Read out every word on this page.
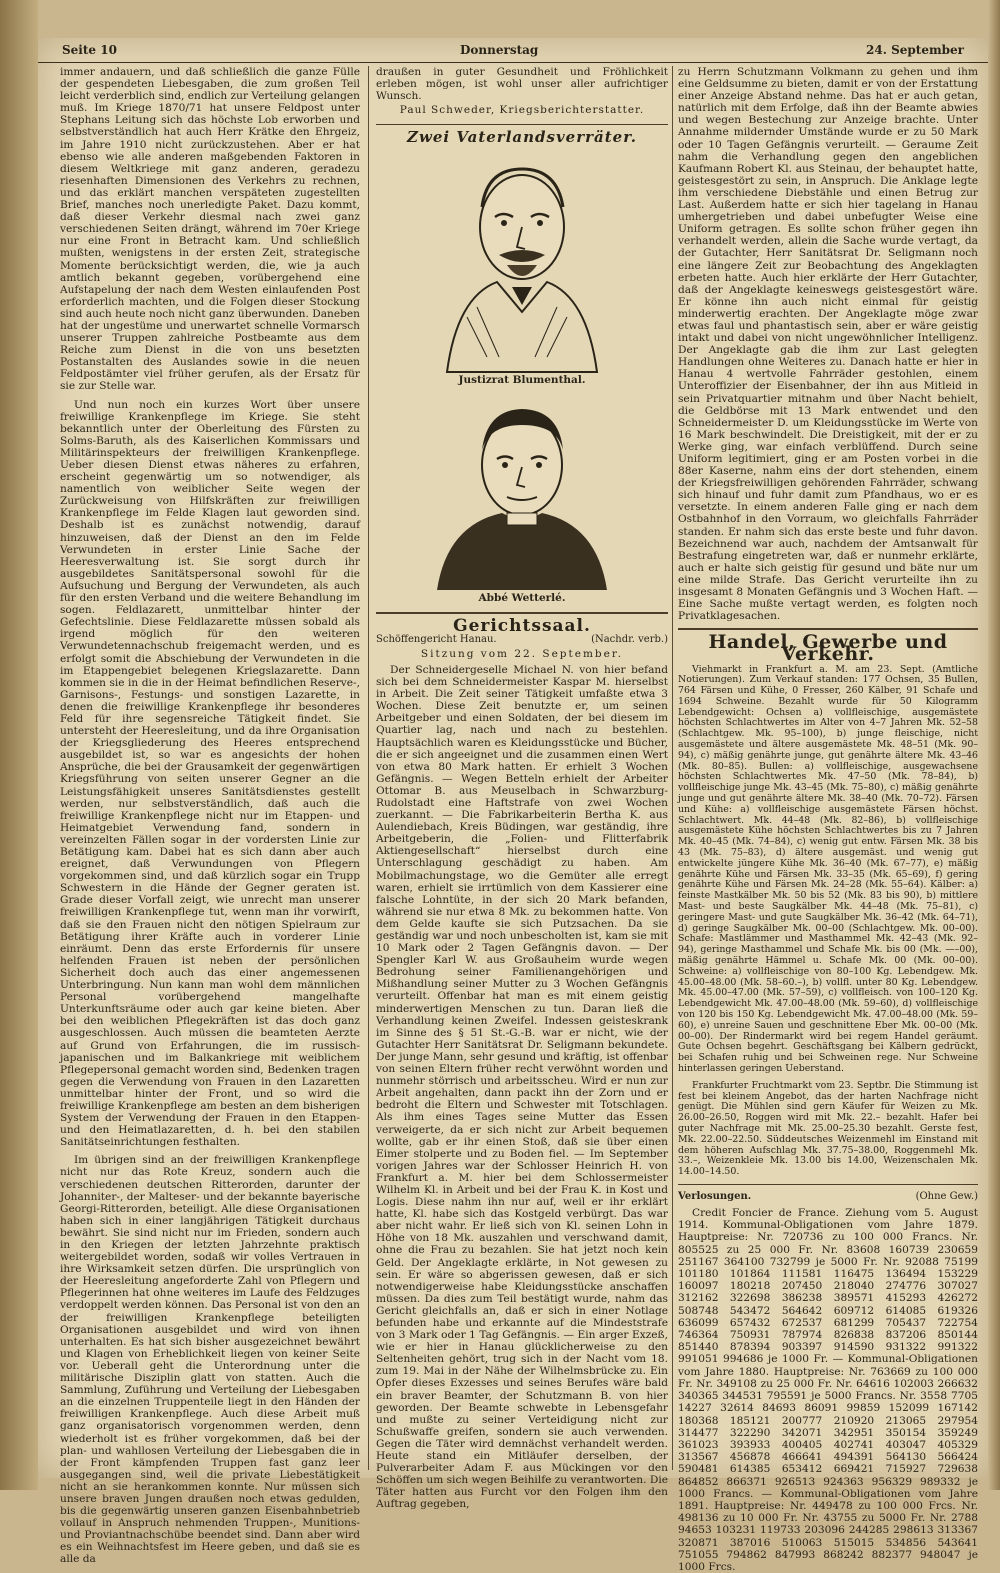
Seite 10	Donnerstag	24. September

immer andauern, und daß schließlich die ganze Fülle der gespendeten Liebesgaben, die zum großen Teil leicht verderblich sind, endlich zur Verteilung gelangen muß. Im Kriege 1870/71 hat unsere Feldpost unter Stephans Leitung sich das höchste Lob erworben und selbstverständlich hat auch Herr Krätke den Ehrgeiz, im Jahre 1910 nicht zurückzustehen. Aber er hat ebenso wie alle anderen maßgebenden Faktoren in diesem Weltkriege mit ganz anderen, geradezu riesenhaften Dimensionen des Verkehrs zu rechnen, und das erklärt manchen verspäteten zugestellten Brief, manches noch unerledigte Paket. Dazu kommt, daß dieser Verkehr diesmal nach zwei ganz verschiedenen Seiten drängt, während im 70er Kriege nur eine Front in Betracht kam. Und schließlich mußten, wenigstens in der ersten Zeit, strategische Momente berücksichtigt werden, die, wie ja auch amtlich bekannt gegeben, vorübergehend eine Aufstapelung der nach dem Westen einlaufenden Post erforderlich machten, und die Folgen dieser Stockung sind auch heute noch nicht ganz überwunden. Daneben hat der ungestüme und unerwartet schnelle Vormarsch unserer Truppen zahlreiche Postbeamte aus dem Reiche zum Dienst in die von uns besetzten Postanstalten des Auslandes sowie in die neuen Feldpostämter viel früher gerufen, als der Ersatz für sie zur Stelle war.

Und nun noch ein kurzes Wort über unsere freiwillige Krankenpflege im Kriege. Sie steht bekanntlich unter der Oberleitung des Fürsten zu Solms-Baruth, als des Kaiserlichen Kommissars und Militärinspekteurs der freiwilligen Krankenpflege. Ueber diesen Dienst etwas näheres zu erfahren, erscheint gegenwärtig um so notwendiger, als namentlich von weiblicher Seite wegen der Zurückweisung von Hilfskräften zur freiwilligen Krankenpflege im Felde Klagen laut geworden sind. Deshalb ist es zunächst notwendig, darauf hinzuweisen, daß der Dienst an den im Felde Verwundeten in erster Linie Sache der Heeresverwaltung ist. Sie sorgt durch ihr ausgebildetes Sanitätspersonal sowohl für die Aufsuchung und Bergung der Verwundeten, als auch für den ersten Verband und die weitere Behandlung im sogen. Feldlazarett, unmittelbar hinter der Gefechtslinie. Diese Feldlazarette müssen sobald als irgend möglich für den weiteren Verwundetennachschub freigemacht werden, und es erfolgt somit die Abschiebung der Verwundeten in die im Etappengebiet belegenen Kriegslazarette. Dann kommen sie in die in der Heimat befindlichen Reserve-, Garnisons-, Festungs- und sonstigen Lazarette, in denen die freiwillige Krankenpflege ihr besonderes Feld für ihre segensreiche Tätigkeit findet. Sie untersteht der Heeresleitung, und da ihre Organisation der Kriegsgliederung des Heeres entsprechend ausgebildet ist, so war es angesichts der hohen Ansprüche, die bei der Grausamkeit der gegenwärtigen Kriegsführung von seiten unserer Gegner an die Leistungsfähigkeit unseres Sanitätsdienstes gestellt werden, nur selbstverständlich, daß auch die freiwillige Krankenpflege nicht nur im Etappen- und Heimatgebiet Verwendung fand, sondern in vereinzelten Fällen sogar in der vordersten Linie zur Betätigung kam. Dabei hat es sich dann aber auch ereignet, daß Verwundungen von Pflegern vorgekommen sind, und daß kürzlich sogar ein Trupp Schwestern in die Hände der Gegner geraten ist. Grade dieser Vorfall zeigt, wie unrecht man unserer freiwilligen Krankenpflege tut, wenn man ihr vorwirft, daß sie den Frauen nicht den nötigen Spielraum zur Betätigung ihrer Kräfte auch in vorderer Linie einräumt. Denn das erste Erfordernis für unsere helfenden Frauen ist neben der persönlichen Sicherheit doch auch das einer angemessenen Unterbringung. Nun kann man wohl dem männlichen Personal vorübergehend mangelhafte Unterkunftsräume oder auch gar keine bieten. Aber bei den weiblichen Pflegekräften ist das doch ganz ausgeschlossen. Auch müssen die beamteten Aerzte auf Grund von Erfahrungen, die im russisch-japanischen und im Balkankriege mit weiblichem Pflegepersonal gemacht worden sind, Bedenken tragen gegen die Verwendung von Frauen in den Lazaretten unmittelbar hinter der Front, und so wird die freiwillige Krankenpflege am besten an dem bisherigen System der Verwendung der Frauen in den Etappen- und den Heimatlazaretten, d. h. bei den stabilen Sanitätseinrichtungen festhalten.

Im übrigen sind an der freiwilligen Krankenpflege nicht nur das Rote Kreuz, sondern auch die verschiedenen deutschen Ritterorden, darunter der Johanniter-, der Malteser- und der bekannte bayerische Georgi-Ritterorden, beteiligt. Alle diese Organisationen haben sich in einer langjährigen Tätigkeit durchaus bewährt. Sie sind nicht nur im Frieden, sondern auch in den Kriegen der letzten Jahrzehnte praktisch weitergebildet worden, sodaß wir volles Vertrauen in ihre Wirksamkeit setzen dürfen. Die ursprünglich von der Heeresleitung angeforderte Zahl von Pflegern und Pflegerinnen hat ohne weiteres im Laufe des Feldzuges verdoppelt werden können. Das Personal ist von den an der freiwilligen Krankenpflege beteiligten Organisationen ausgebildet und wird von ihnen unterhalten. Es hat sich bisher ausgezeichnet bewährt und Klagen von Erheblichkeit liegen von keiner Seite vor. Ueberall geht die Unterordnung unter die militärische Disziplin glatt von statten. Auch die Sammlung, Zuführung und Verteilung der Liebesgaben an die einzelnen Truppenteile liegt in den Händen der freiwilligen Krankenpflege. Auch diese Arbeit muß ganz organisatorisch vorgenommen werden, denn wiederholt ist es früher vorgekommen, daß bei der plan- und wahllosen Verteilung der Liebesgaben die in der Front kämpfenden Truppen fast ganz leer ausgegangen sind, weil die private Liebestätigkeit nicht an sie herankommen konnte. Nur müssen sich unsere braven Jungen draußen noch etwas gedulden, bis die gegenwärtig unseren ganzen Eisenbahnbetrieb vollauf in Anspruch nehmenden Truppen-, Munitions- und Proviantnachschübe beendet sind. Dann aber wird es ein Weihnachtsfest im Heere geben, und daß sie es alle da

draußen in guter Gesundheit und Fröhlichkeit erleben mögen, ist wohl unser aller aufrichtiger Wunsch.

Paul Schweder, Kriegsberichterstatter.
Zwei Vaterlandsverräter.
Justizrat Blumenthal.
Abbé Wetterlé.
Gerichtssaal.
Schöffengericht Hanau.	(Nachdr. verb.)
Sitzung vom 22. September.

Der Schneidergeselle Michael N. von hier befand sich bei dem Schneidermeister Kaspar M. hierselbst in Arbeit. Die Zeit seiner Tätigkeit umfaßte etwa 3 Wochen. Diese Zeit benutzte er, um seinen Arbeitgeber und einen Soldaten, der bei diesem im Quartier lag, nach und nach zu bestehlen. Hauptsächlich waren es Kleidungsstücke und Bücher, die er sich angeeignet und die zusammen einen Wert von etwa 80 Mark hatten. Er erhielt 3 Wochen Gefängnis. — Wegen Betteln erhielt der Arbeiter Ottomar B. aus Meuselbach in Schwarzburg-Rudolstadt eine Haftstrafe von zwei Wochen zuerkannt. — Die Fabrikarbeiterin Bertha K. aus Aulendiebach, Kreis Büdingen, war geständig, ihre Arbeitgeberin, die „Folien- und Flitterfabrik Aktiengesellschaft“ hierselbst durch eine Unterschlagung geschädigt zu haben. Am Mobilmachungstage, wo die Gemüter alle erregt waren, erhielt sie irrtümlich von dem Kassierer eine falsche Lohntüte, in der sich 20 Mark befanden, während sie nur etwa 8 Mk. zu bekommen hatte. Von dem Gelde kaufte sie sich Putzsachen. Da sie geständig war und noch unbescholten ist, kam sie mit 10 Mark oder 2 Tagen Gefängnis davon. — Der Spengler Karl W. aus Großauheim wurde wegen Bedrohung seiner Familienangehörigen und Mißhandlung seiner Mutter zu 3 Wochen Gefängnis verurteilt. Offenbar hat man es mit einem geistig minderwertigen Menschen zu tun. Daran ließ die Verhandlung keinen Zweifel. Indessen geisteskrank im Sinne des § 51 St.-G.-B. war er nicht, wie der Gutachter Herr Sanitätsrat Dr. Seligmann bekundete. Der junge Mann, sehr gesund und kräftig, ist offenbar von seinen Eltern früher recht verwöhnt worden und nunmehr störrisch und arbeitsscheu. Wird er nun zur Arbeit angehalten, dann packt ihn der Zorn und er bedroht die Eltern und Schwester mit Totschlagen. Als ihm eines Tages seine Mutter das Essen verweigerte, da er sich nicht zur Arbeit bequemen wollte, gab er ihr einen Stoß, daß sie über einen Eimer stolperte und zu Boden fiel. — Im September vorigen Jahres war der Schlosser Heinrich H. von Frankfurt a. M. hier bei dem Schlossermeister Wilhelm Kl. in Arbeit und bei der Frau K. in Kost und Logis. Diese nahm ihn nur auf, weil er ihr erklärt hatte, Kl. habe sich das Kostgeld verbürgt. Das war aber nicht wahr. Er ließ sich von Kl. seinen Lohn in Höhe von 18 Mk. auszahlen und verschwand damit, ohne die Frau zu bezahlen. Sie hat jetzt noch kein Geld. Der Angeklagte erklärte, in Not gewesen zu sein. Er wäre so abgerissen gewesen, daß er sich notwendigerweise habe Kleidungsstücke anschaffen müssen. Da dies zum Teil bestätigt wurde, nahm das Gericht gleichfalls an, daß er sich in einer Notlage befunden habe und erkannte auf die Mindeststrafe von 3 Mark oder 1 Tag Gefängnis. — Ein arger Exzeß, wie er hier in Hanau glücklicherweise zu den Seltenheiten gehört, trug sich in der Nacht vom 18. zum 19. Mai in der Nähe der Wilhelmsbrücke zu. Ein Opfer dieses Exzesses und seines Berufes wäre bald ein braver Beamter, der Schutzmann B. von hier geworden. Der Beamte schwebte in Lebensgefahr und mußte zu seiner Verteidigung nicht zur Schußwaffe greifen, sondern sie auch verwenden. Gegen die Täter wird demnächst verhandelt werden. Heute stand ein Mitläufer derselben, der Pulverarbeiter Adam F. aus Mückingen vor den Schöffen um sich wegen Beihilfe zu verantworten. Die Täter hatten aus Furcht vor den Folgen ihm den Auftrag gegeben,

zu Herrn Schutzmann Volkmann zu gehen und ihm eine Geldsumme zu bieten, damit er von der Erstattung einer Anzeige Abstand nehme. Das hat er auch getan, natürlich mit dem Erfolge, daß ihn der Beamte abwies und wegen Bestechung zur Anzeige brachte. Unter Annahme mildernder Umstände wurde er zu 50 Mark oder 10 Tagen Gefängnis verurteilt. — Geraume Zeit nahm die Verhandlung gegen den angeblichen Kaufmann Robert Kl. aus Steinau, der behauptet hatte, geistesgestört zu sein, in Anspruch. Die Anklage legte ihm verschiedene Diebstähle und einen Betrug zur Last. Außerdem hatte er sich hier tagelang in Hanau umhergetrieben und dabei unbefugter Weise eine Uniform getragen. Es sollte schon früher gegen ihn verhandelt werden, allein die Sache wurde vertagt, da der Gutachter, Herr Sanitätsrat Dr. Seligmann noch eine längere Zeit zur Beobachtung des Angeklagten erbeten hatte. Auch hier erklärte der Herr Gutachter, daß der Angeklagte keineswegs geistesgestört wäre. Er könne ihn auch nicht einmal für geistig minderwertig erachten. Der Angeklagte möge zwar etwas faul und phantastisch sein, aber er wäre geistig intakt und dabei von nicht ungewöhnlicher Intelligenz. Der Angeklagte gab die ihm zur Last gelegten Handlungen ohne Weiteres zu. Danach hatte er hier in Hanau 4 wertvolle Fahrräder gestohlen, einem Unteroffizier der Eisenbahner, der ihn aus Mitleid in sein Privatquartier mitnahm und über Nacht behielt, die Geldbörse mit 13 Mark entwendet und den Schneidermeister D. um Kleidungsstücke im Werte von 16 Mark beschwindelt. Die Dreistigkeit, mit der er zu Werke ging, war einfach verblüffend. Durch seine Uniform legitimiert, ging er am Posten vorbei in die 88er Kaserne, nahm eins der dort stehenden, einem der Kriegsfreiwilligen gehörenden Fahrräder, schwang sich hinauf und fuhr damit zum Pfandhaus, wo er es versetzte. In einem anderen Falle ging er nach dem Ostbahnhof in den Vorraum, wo gleichfalls Fahrräder standen. Er nahm sich das erste beste und fuhr davon. Bezeichnend war auch, nachdem der Amtsanwalt für Bestrafung eingetreten war, daß er nunmehr erklärte, auch er halte sich geistig für gesund und bäte nur um eine milde Strafe. Das Gericht verurteilte ihn zu insgesamt 8 Monaten Gefängnis und 3 Wochen Haft. — Eine Sache mußte vertagt werden, es folgten noch Privatklagesachen.

Handel, Gewerbe und Verkehr.

Viehmarkt in Frankfurt a. M. am 23. Sept. (Amtliche Notierungen). Zum Verkauf standen: 177 Ochsen, 35 Bullen, 764 Färsen und Kühe, 0 Fresser, 260 Kälber, 91 Schafe und 1694 Schweine. Bezahlt wurde für 50 Kilogramm Lebendgewicht: Ochsen a) vollfleischige, ausgemästete höchsten Schlachtwertes im Alter von 4–7 Jahren Mk. 52–58 (Schlachtgew. Mk. 95–100), b) junge fleischige, nicht ausgemästete und ältere ausgemästete Mk. 48–51 (Mk. 90–94), c) mäßig genährte junge, gut genährte ältere Mk. 43–46 (Mk. 80–85). Bullen: a) vollfleischige, ausgewachsene höchsten Schlachtwertes Mk. 47–50 (Mk. 78–84), b) vollfleischige junge Mk. 43–45 (Mk. 75–80), c) mäßig genährte junge und gut genährte ältere Mk. 38–40 (Mk. 70–72). Färsen und Kühe: a) vollfleischige ausgemästete Färsen höchst. Schlachtwert. Mk. 44–48 (Mk. 82–86), b) vollfleischige ausgemästete Kühe höchsten Schlachtwertes bis zu 7 Jahren Mk. 40–45 (Mk. 74–84), c) wenig gut entw. Färsen Mk. 38 bis 43 (Mk. 75–83), d) ältere ausgemäst. und wenig gut entwickelte jüngere Kühe Mk. 36–40 (Mk. 67–77), e) mäßig genährte Kühe und Färsen Mk. 33–35 (Mk. 65–69), f) gering genährte Kühe und Färsen Mk. 24–28 (Mk. 55–64). Kälber: a) feinste Mastkälber Mk. 50 bis 52 (Mk. 83 bis 90), b) mittlere Mast- und beste Saugkälber Mk. 44–48 (Mk. 75–81), c) geringere Mast- und gute Saugkälber Mk. 36–42 (Mk. 64–71), d) geringe Saugkälber Mk. 00–00 (Schlachtgew. Mk. 00–00). Schafe: Mastlämmer und Masthammel Mk. 42–43 (Mk. 92–94), geringe Masthammel und Schafe Mk. bis 00 (Mk. —–00), mäßig genährte Hämmel u. Schafe Mk. 00 (Mk. 00–00). Schweine: a) vollfleischige von 80–100 Kg. Lebendgew. Mk. 45.00–48.00 (Mk. 58–60.–), b) vollfl. unter 80 Kg. Lebendgew. Mk. 45.00–47.00 (Mk. 57–59), c) vollfleisch. von 100–120 Kg. Lebendgewicht Mk. 47.00–48.00 (Mk. 59–60), d) vollfleischige von 120 bis 150 Kg. Lebendgewicht Mk. 47.00–48.00 (Mk. 59–60), e) unreine Sauen und geschnittene Eber Mk. 00–00 (Mk. 00–00). Der Rindermarkt wird bei regem Handel geräumt. Gute Ochsen begehrt. Geschäftsgang bei Kälbern gedrückt, bei Schafen ruhig und bei Schweinen rege. Nur Schweine hinterlassen geringen Ueberstand.

Frankfurter Fruchtmarkt vom 23. Septbr. Die Stimmung ist fest bei kleinem Angebot, das der harten Nachfrage nicht genügt. Die Mühlen sind gern Käufer für Weizen zu Mk. 26.00–26.50, Roggen wird mit Mk. 22.– bezahlt. Hafer bei guter Nachfrage mit Mk. 25.00–25.30 bezahlt. Gerste fest, Mk. 22.00–22.50. Süddeutsches Weizenmehl im Einstand mit dem höheren Aufschlag Mk. 37.75–38.00, Roggenmehl Mk. 33.–, Weizenkleie Mk. 13.00 bis 14.00, Weizenschalen Mk. 14.00–14.50.

Verlosungen.	(Ohne Gew.)

Credit Foncier de France. Ziehung vom 5. August 1914. Kommunal-Obligationen vom Jahre 1879. Hauptpreise: Nr. 720736 zu 100 000 Francs. Nr. 805525 zu 25 000 Fr. Nr. 83608 160739 230659 251167 364100 732799 je 5000 Fr. Nr. 92088 75199 101180 101864 111581 116475 136494 153229 160097 180218 207450 218040 274776 307027 312162 322698 386238 389571 415293 426272 508748 543472 564642 609712 614085 619326 636099 657432 672537 681299 705437 722754 746364 750931 787974 826838 837206 850144 851440 878394 903397 914590 931322 991322 991051 994686 je 1000 Fr. — Kommunal-Obligationen vom Jahre 1880. Hauptpreise: Nr. 763669 zu 100 000 Fr. Nr. 349108 zu 25 000 Fr. Nr. 64616 102003 266632 340365 344531 795591 je 5000 Francs. Nr. 3558 7705 14227 32614 84693 86091 99859 152099 167142 180368 185121 200777 210920 213065 297954 314477 322290 342071 342951 350154 359249 361023 393933 400405 402741 403047 405329 313567 456878 466641 494391 564130 566424 590481 614385 653412 669421 715927 729638 864852 866371 926513 924363 956329 989332 je 1000 Francs. — Kommunal-Obligationen vom Jahre 1891. Hauptpreise: Nr. 449478 zu 100 000 Frcs. Nr. 498136 zu 10 000 Fr. Nr. 43755 zu 5000 Fr. Nr. 2788 94653 103231 119733 203096 244285 298613 313367 320871 387016 510063 515015 534856 543641 751055 794862 847993 868242 882377 948047 je 1000 Frcs.
